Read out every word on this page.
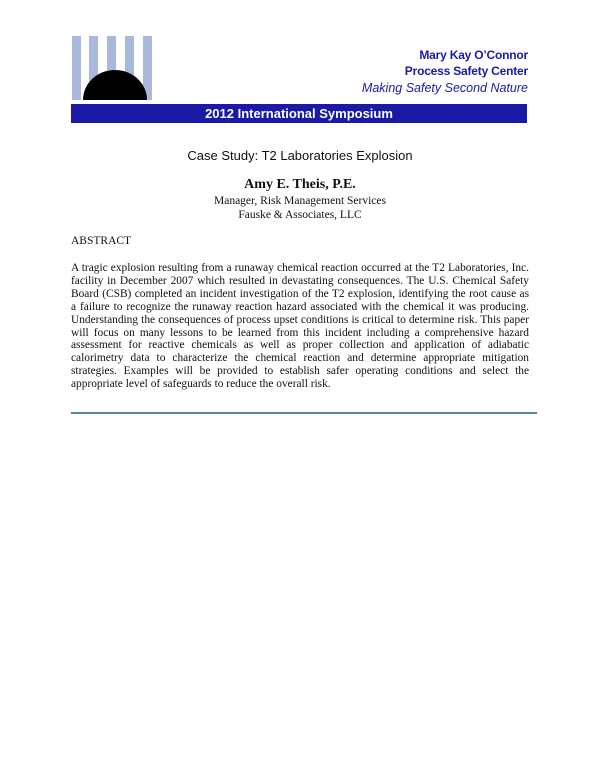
Mary Kay O’Connor
Process Safety Center
Making Safety Second Nature
2012 International Symposium
Case Study: T2 Laboratories Explosion
Amy E. Theis, P.E.
Manager, Risk Management Services
Fauske & Associates, LLC
ABSTRACT

A tragic explosion resulting from a runaway chemical reaction occurred at the T2 Laboratories, Inc. facility in December 2007 which resulted in devastating consequences. The U.S. Chemical Safety Board (CSB) completed an incident investigation of the T2 explosion, identifying the root cause as a failure to recognize the runaway reaction hazard associated with the chemical it was producing. Understanding the consequences of process upset conditions is critical to determine risk. This paper will focus on many lessons to be learned from this incident including a comprehensive hazard assessment for reactive chemicals as well as proper collection and application of adiabatic calorimetry data to characterize the chemical reaction and determine appropriate mitigation strategies. Examples will be provided to establish safer operating conditions and select the appropriate level of safeguards to reduce the overall risk.
